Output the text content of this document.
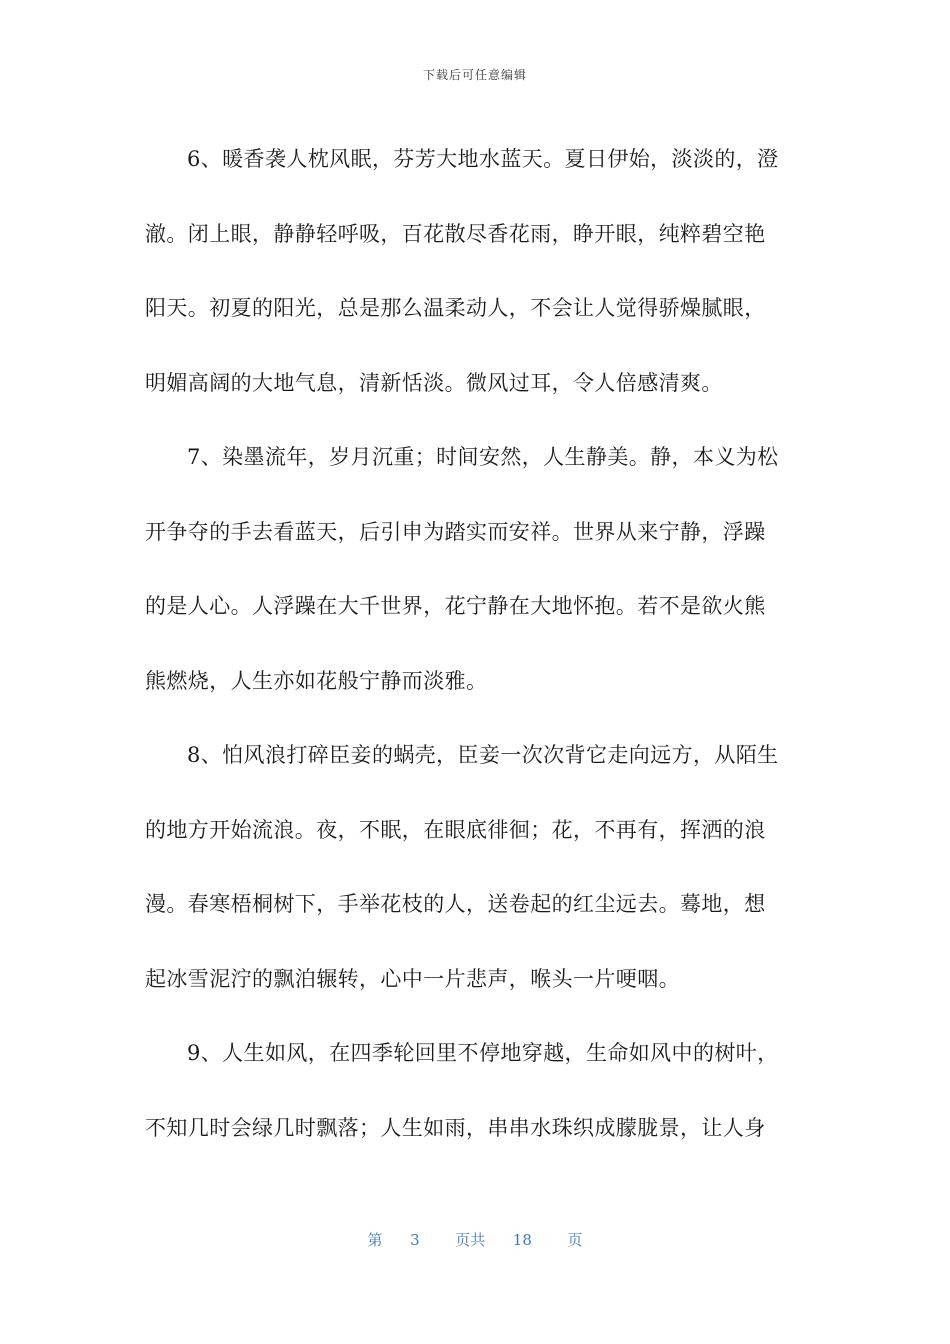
下载后可任意编辑
6、暖香袭人枕风眠，芬芳大地水蓝天。夏日伊始，淡淡的，澄
澈。闭上眼，静静轻呼吸，百花散尽香花雨，睁开眼，纯粹碧空艳
阳天。初夏的阳光，总是那么温柔动人，不会让人觉得骄燥腻眼，
明媚高阔的大地气息，清新恬淡。微风过耳，令人倍感清爽。
7、染墨流年，岁月沉重；时间安然，人生静美。静，本义为松
开争夺的手去看蓝天，后引申为踏实而安祥。世界从来宁静，浮躁
的是人心。人浮躁在大千世界，花宁静在大地怀抱。若不是欲火熊
熊燃烧，人生亦如花般宁静而淡雅。
8、怕风浪打碎臣妾的蜗壳，臣妾一次次背它走向远方，从陌生
的地方开始流浪。夜，不眠，在眼底徘徊；花，不再有，挥洒的浪
漫。春寒梧桐树下，手举花枝的人，送卷起的红尘远去。蓦地，想
起冰雪泥泞的飘泊辗转，心中一片悲声，喉头一片哽咽。
9、人生如风，在四季轮回里不停地穿越，生命如风中的树叶，
不知几时会绿几时飘落；人生如雨，串串水珠织成朦胧景，让人身
第 3 页共 18 页
